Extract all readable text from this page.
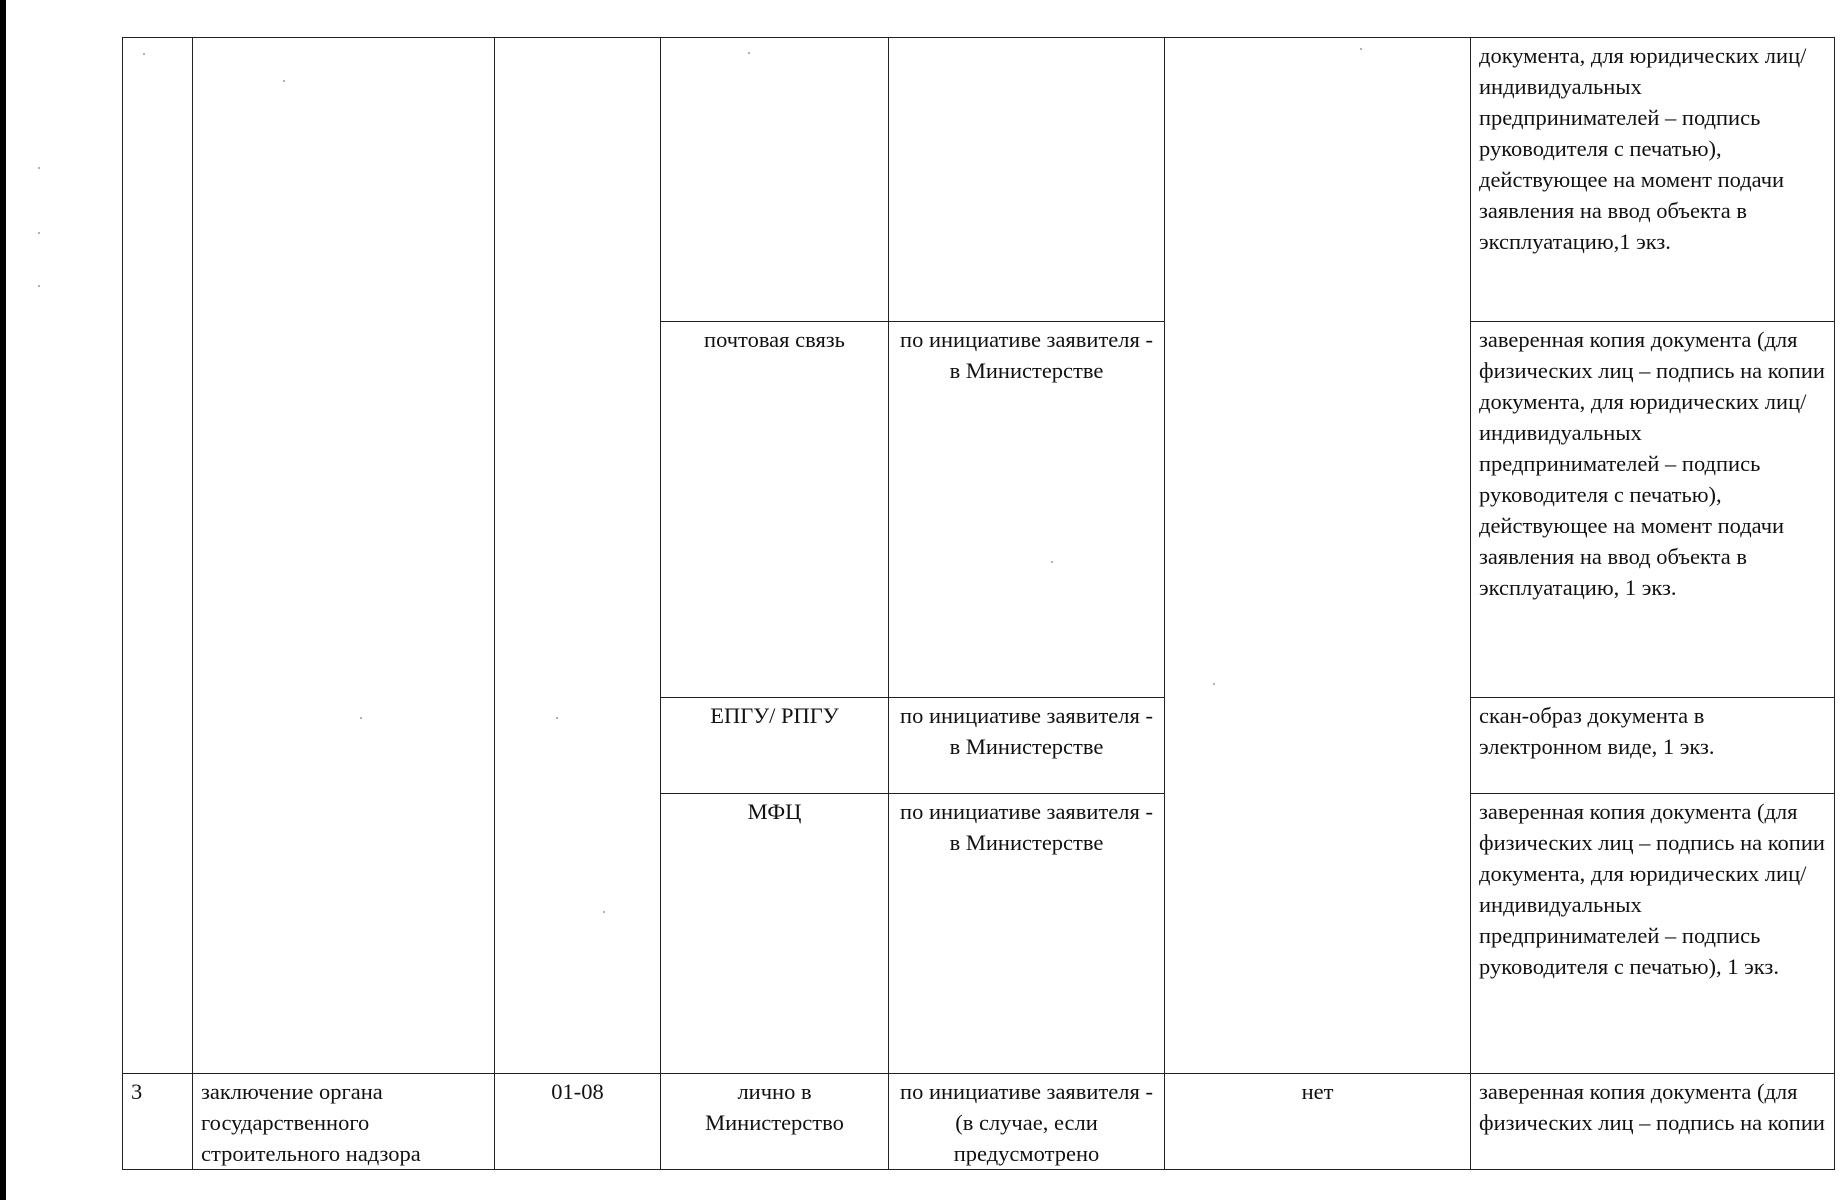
						документа, для юридических лиц/индивидуальных предпринимателей – подпись руководителя с печатью), действующее на момент подачи заявления на ввод объекта в эксплуатацию,1 экз.
			почтовая связь	по инициативе заявителя - в Министерстве		заверенная копия документа (для физических лиц – подпись на копии документа, для юридических лиц/индивидуальных предпринимателей – подпись руководителя с печатью), действующее на момент подачи заявления на ввод объекта в эксплуатацию, 1 экз.
			ЕПГУ/ РПГУ	по инициативе заявителя - в Министерстве		скан-образ документа в электронном виде, 1 экз.
			МФЦ	по инициативе заявителя - в Министерстве		заверенная копия документа (для физических лиц – подпись на копии документа, для юридических лиц/индивидуальных предпринимателей – подпись руководителя с печатью), 1 экз.
3	заключение органа государственного строительного надзора	01-08	лично в Министерство	по инициативе заявителя - (в случае, если предусмотрено	нет	заверенная копия документа (для физических лиц – подпись на копии
